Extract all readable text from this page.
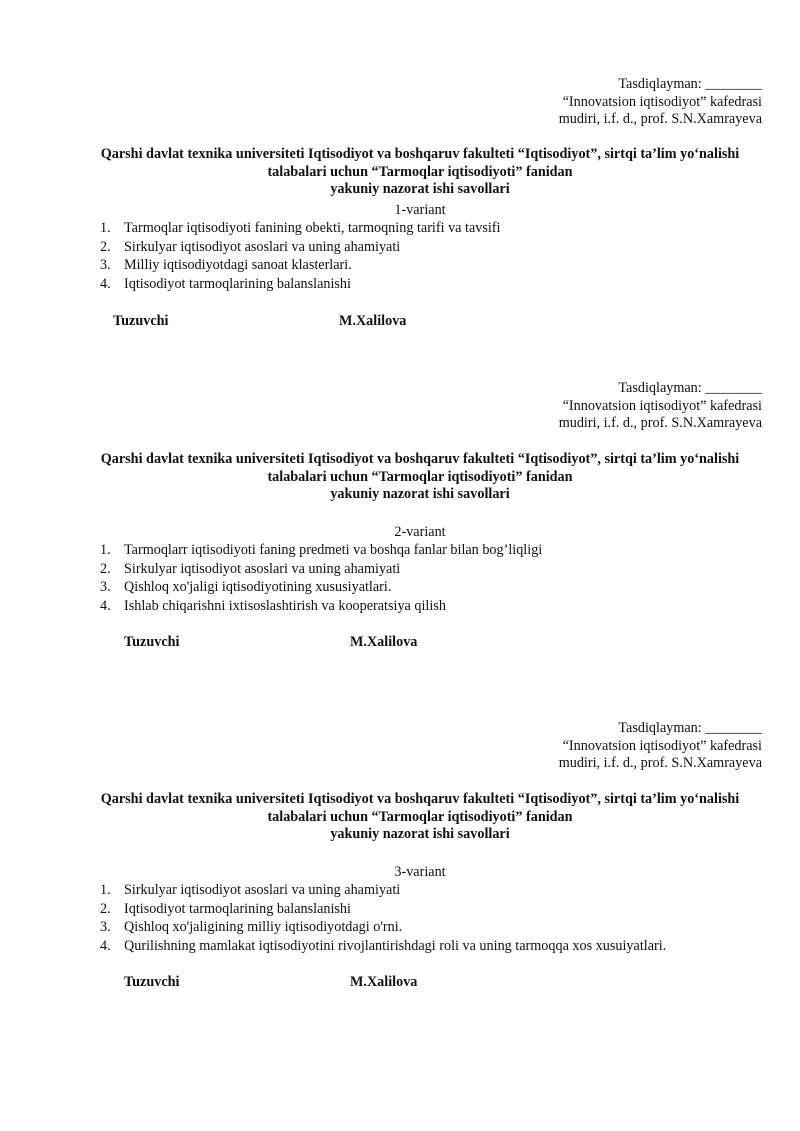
Tasdiqlayman: ________
“Innovatsion iqtisodiyot” kafedrasi
mudiri, i.f. d., prof. S.N.Xamrayeva
Qarshi davlat texnika universiteti Iqtisodiyot va boshqaruv fakulteti “Iqtisodiyot”, sirtqi ta’lim yo‘nalishi
talabalari uchun “Tarmoqlar iqtisodiyoti” fanidan
yakuniy nazorat ishi savollari
1-variant
1. Tarmoqlar iqtisodiyoti fanining obekti, tarmoqning tarifi va tavsifi
2. Sirkulyar iqtisodiyot asoslari va uning ahamiyati
3. Milliy iqtisodiyotdagi sanoat klasterlari.
4. Iqtisodiyot tarmoqlarining balanslanishi
Tuzuvchi	M.Xalilova
Tasdiqlayman: ________
“Innovatsion iqtisodiyot” kafedrasi
mudiri, i.f. d., prof. S.N.Xamrayeva
Qarshi davlat texnika universiteti Iqtisodiyot va boshqaruv fakulteti “Iqtisodiyot”, sirtqi ta’lim yo‘nalishi
talabalari uchun “Tarmoqlar iqtisodiyoti” fanidan
yakuniy nazorat ishi savollari
2-variant
1. Tarmoqlarr iqtisodiyoti faning predmeti va boshqa fanlar bilan bog’liqligi
2. Sirkulyar iqtisodiyot asoslari va uning ahamiyati
3. Qishloq xo'jaligi iqtisodiyotining xususiyatlari.
4. Ishlab chiqarishni ixtisoslashtirish va kooperatsiya qilish
Tuzuvchi	M.Xalilova
Tasdiqlayman: ________
“Innovatsion iqtisodiyot” kafedrasi
mudiri, i.f. d., prof. S.N.Xamrayeva
Qarshi davlat texnika universiteti Iqtisodiyot va boshqaruv fakulteti “Iqtisodiyot”, sirtqi ta’lim yo‘nalishi
talabalari uchun “Tarmoqlar iqtisodiyoti” fanidan
yakuniy nazorat ishi savollari
3-variant
1. Sirkulyar iqtisodiyot asoslari va uning ahamiyati
2. Iqtisodiyot tarmoqlarining balanslanishi
3. Qishloq xo'jaligining milliy iqtisodiyotdagi o'rni.
4. Qurilishning mamlakat iqtisodiyotini rivojlantirishdagi roli va uning tarmoqqa xos xusuiyatlari.
Tuzuvchi	M.Xalilova
